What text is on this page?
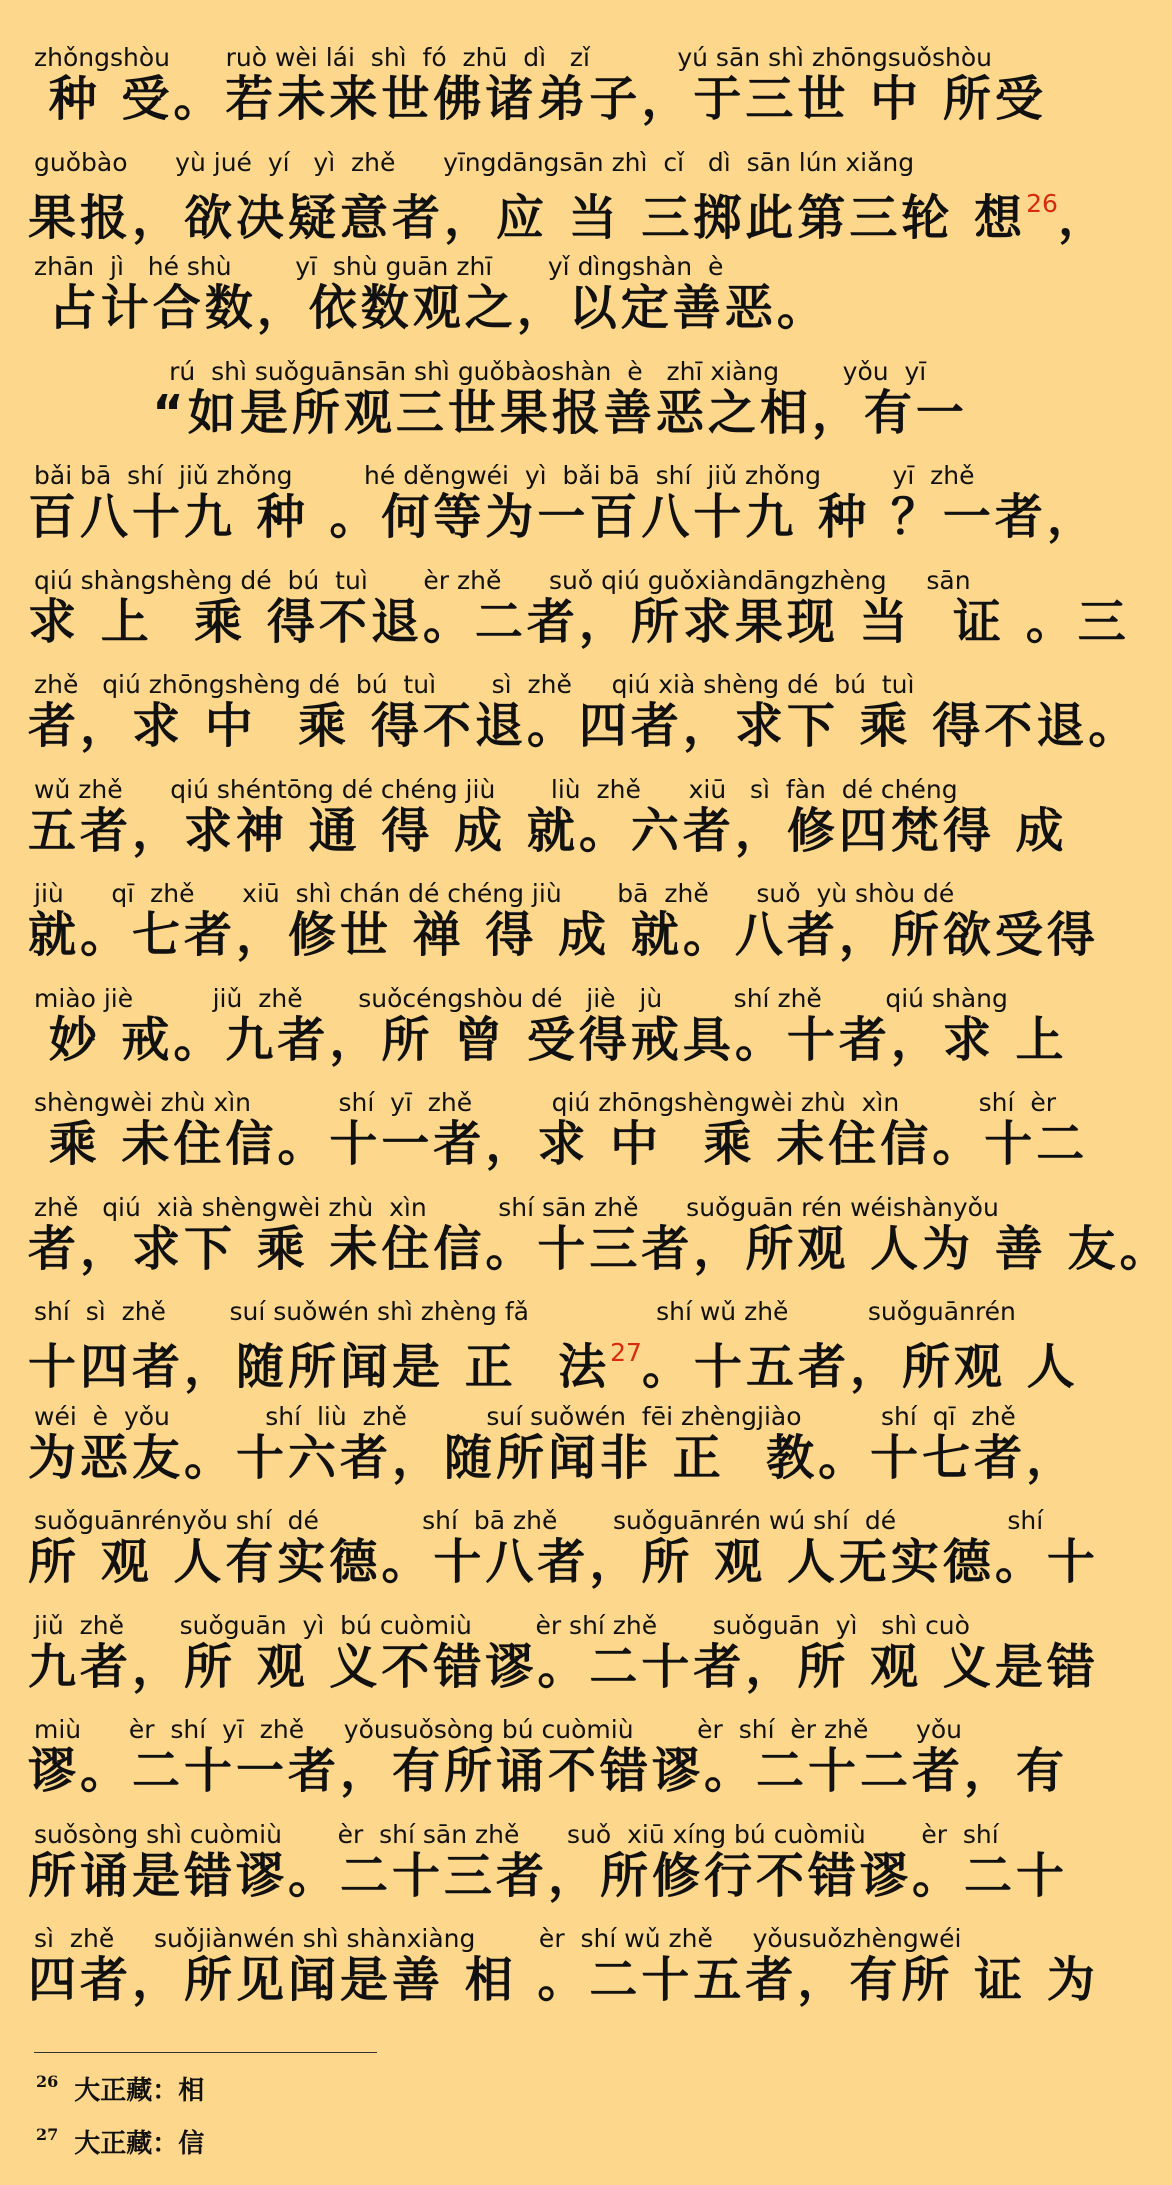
zhǒngshòu       ruò wèi lái  shì  fó  zhū  dì   zǐ           yú sān shì zhōngsuǒshòu
种 受。若未来世佛诸弟子，于三世 中 所受
guǒbào      yù jué  yí   yì  zhě      yīngdāngsān zhì  cǐ   dì  sān lún xiǎng
果报，欲决疑意者，应 当 三掷此第三轮 想$^{26}$，
zhān  jì   hé shù        yī  shù guān zhī       yǐ dìngshàn  è
占计合数，依数观之，以定善恶。
rú  shì suǒguānsān shì guǒbàoshàn  è   zhī xiàng        yǒu  yī
“如是所观三世果报善恶之相，有一
bǎi bā  shí  jiǔ zhǒng         hé děngwéi  yì  bǎi bā  shí  jiǔ zhǒng         yī  zhě
百八十九 种 。何等为一百八十九 种 ？一者，
qiú shàngshèng dé  bú  tuì       èr zhě      suǒ qiú guǒxiàndāngzhèng     sān
求 上  乘 得不退。二者，所求果现 当  证 。三
zhě   qiú zhōngshèng dé  bú  tuì       sì  zhě     qiú xià shèng dé  bú  tuì
者，求 中  乘 得不退。四者，求下 乘 得不退。
wǔ zhě      qiú shéntōng dé chéng jiù       liù  zhě      xiū   sì  fàn  dé chéng
五者，求神 通 得 成 就。六者，修四梵得 成
jiù      qī  zhě      xiū  shì chán dé chéng jiù       bā  zhě      suǒ  yù shòu dé
就。七者，修世 禅 得 成 就。八者，所欲受得
miào jiè          jiǔ  zhě       suǒcéngshòu dé   jiè   jù         shí zhě        qiú shàng
妙 戒。九者，所 曾 受得戒具。十者，求 上
shèngwèi zhù xìn           shí  yī  zhě          qiú zhōngshèngwèi zhù  xìn          shí  èr
乘 未住信。十一者，求 中  乘 未住信。十二
zhě   qiú  xià shèngwèi zhù  xìn         shí sān zhě      suǒguān rén wéishànyǒu
者，求下 乘 未住信。十三者，所观 人为 善 友。
shí  sì  zhě        suí suǒwén shì zhèng fǎ                shí wǔ zhě          suǒguānrén
十四者，随所闻是 正  法$^{27}$。十五者，所观 人
wéi  è  yǒu            shí  liù  zhě          suí suǒwén  fēi zhèngjiào          shí  qī  zhě
为恶友。十六者，随所闻非 正  教。十七者，
suǒguānrényǒu shí  dé             shí  bā zhě       suǒguānrén wú shí  dé              shí
所 观 人有实德。十八者，所 观 人无实德。十
jiǔ  zhě       suǒguān  yì  bú cuòmiù        èr shí zhě       suǒguān  yì   shì cuò
九者，所 观 义不错谬。二十者，所 观 义是错
miù      èr  shí  yī  zhě     yǒusuǒsòng bú cuòmiù        èr  shí  èr zhě      yǒu
谬。二十一者，有所诵不错谬。二十二者，有
suǒsòng shì cuòmiù       èr  shí sān zhě      suǒ  xiū xíng bú cuòmiù       èr  shí
所诵是错谬。二十三者，所修行不错谬。二十
sì  zhě     suǒjiànwén shì shànxiàng        èr  shí wǔ zhě     yǒusuǒzhèngwéi
四者，所见闻是善 相 。二十五者，有所 证 为
$^{26}$ 大正藏：相
$^{27}$ 大正藏：信
